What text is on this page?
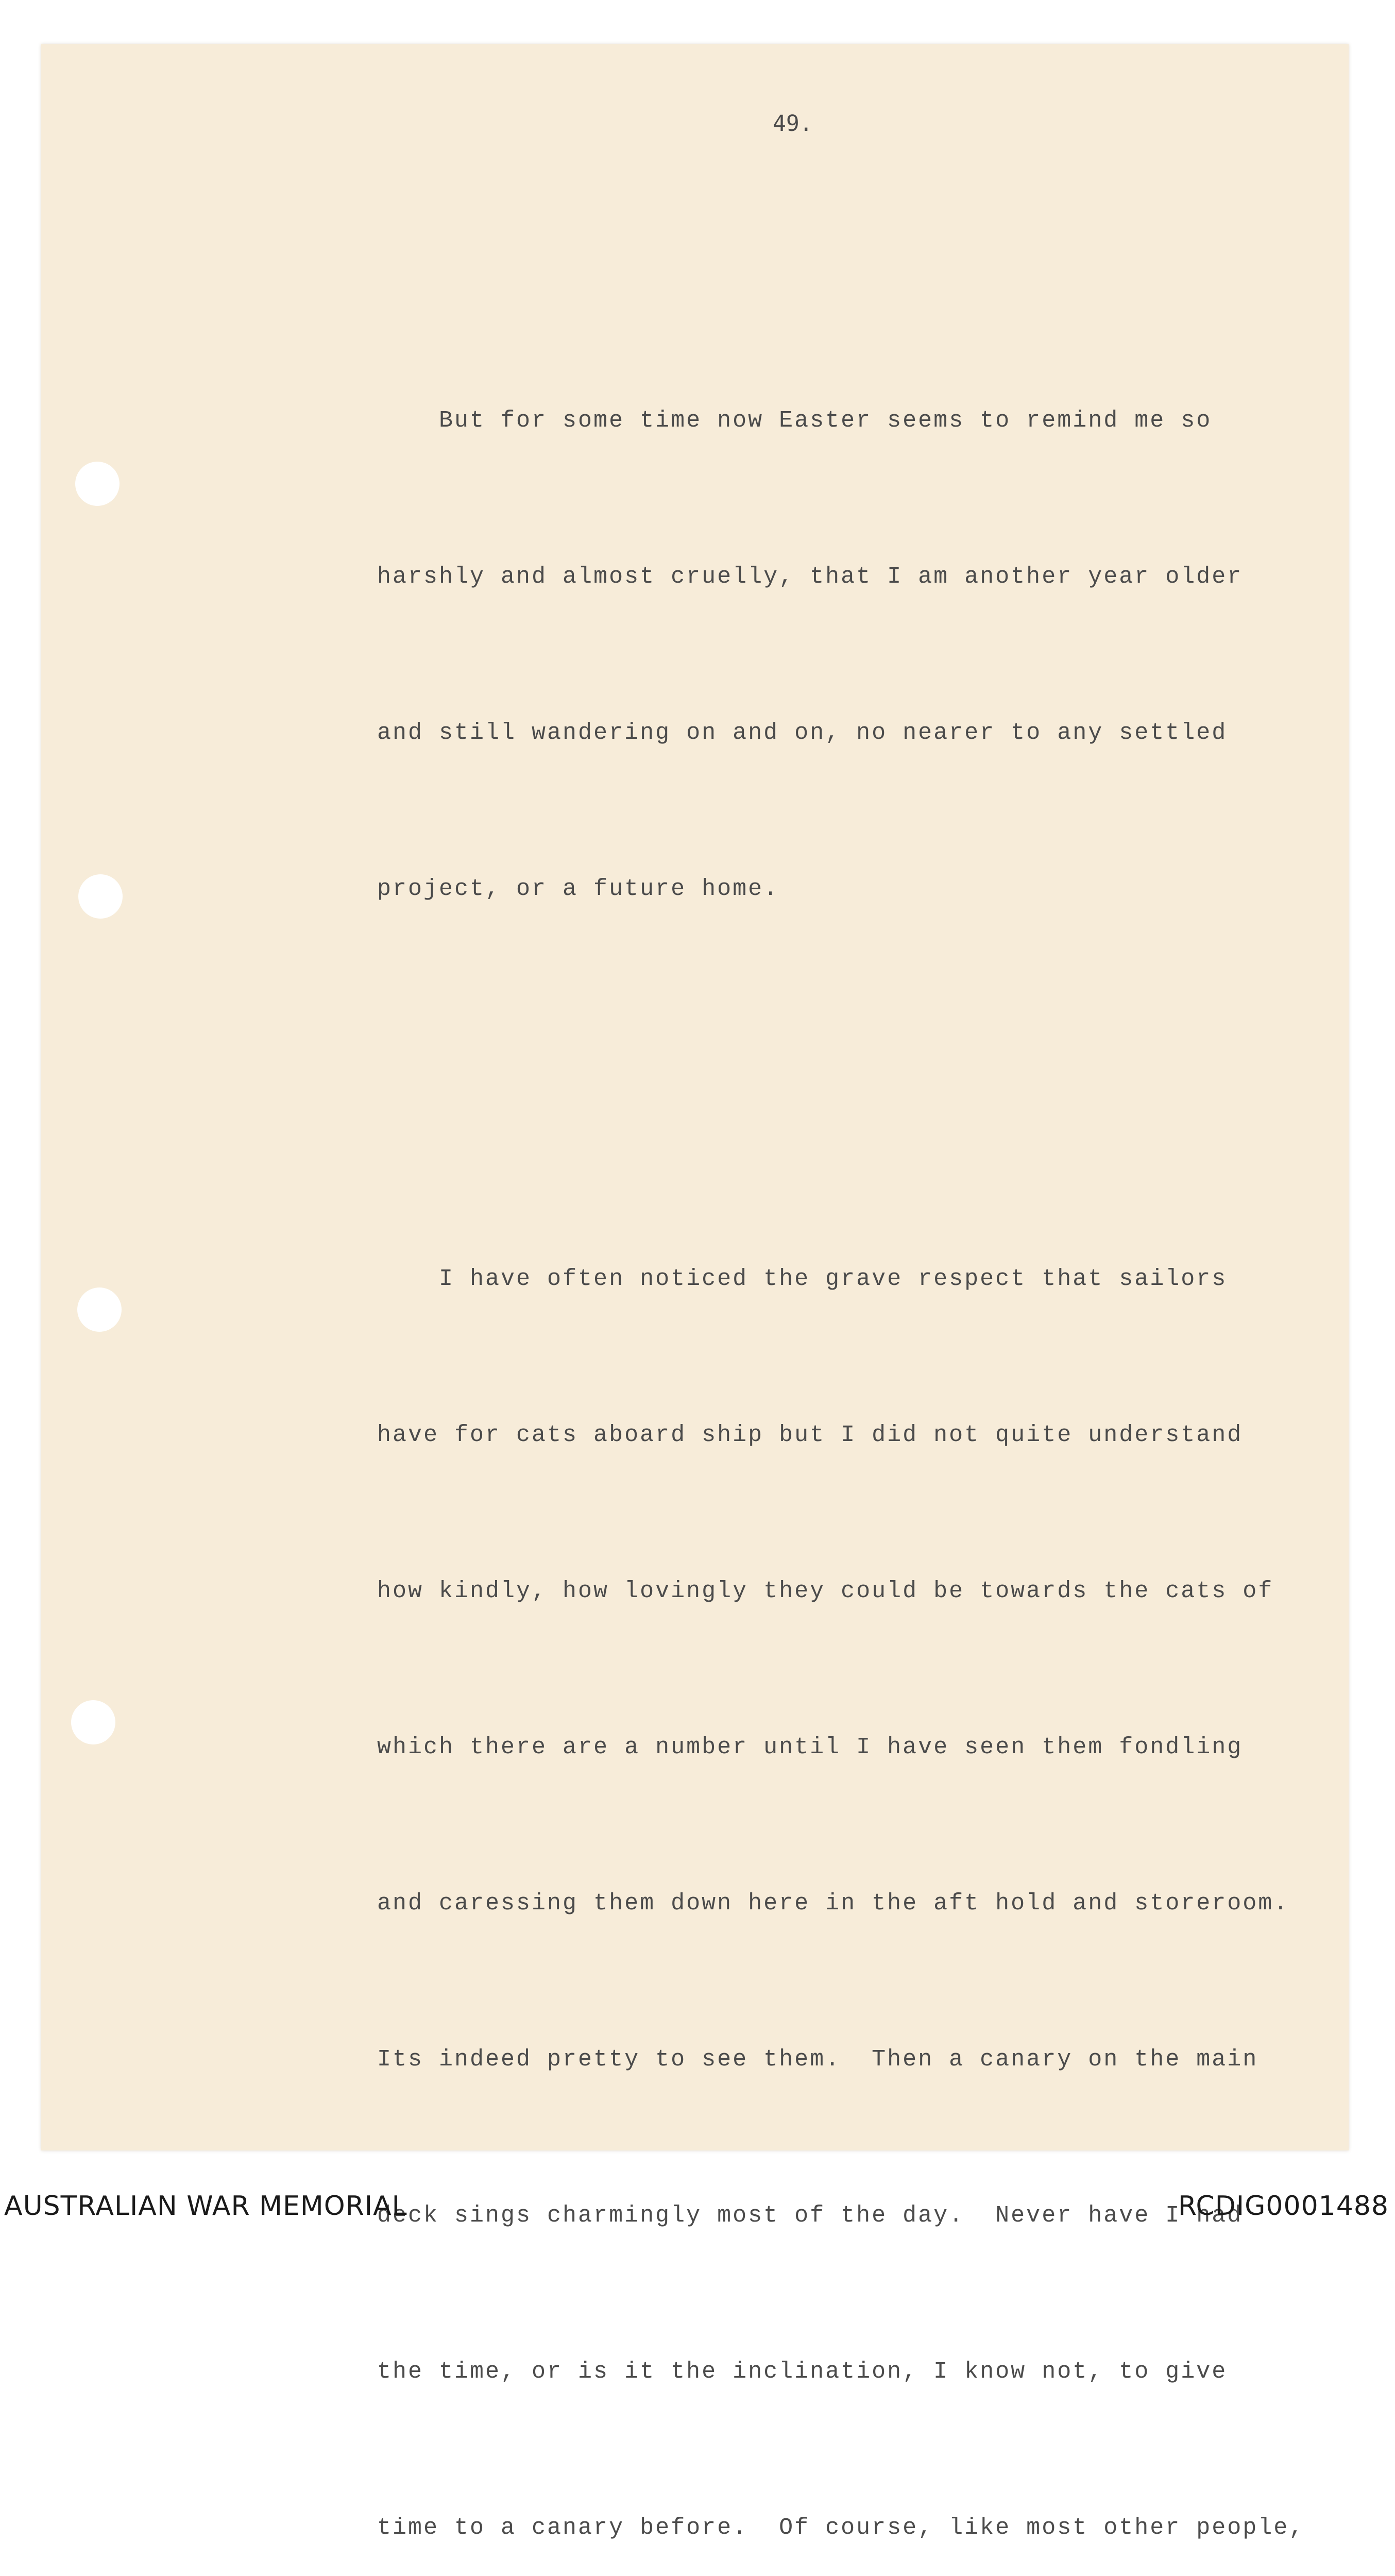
49.

But for some time now Easter seems to remind me so

harshly and almost cruelly, that I am another year older

and still wandering on and on, no nearer to any settled

project, or a future home.

I have often noticed the grave respect that sailors

have for cats aboard ship but I did not quite understand

how kindly, how lovingly they could be towards the cats of

which there are a number until I have seen them fondling

and caressing them down here in the aft hold and storeroom.

Its indeed pretty to see them.  Then a canary on the main

deck sings charmingly most of the day.  Never have I had

the time, or is it the inclination, I know not, to give

time to a canary before.  Of course, like most other people,

AUSTRALIAN WAR MEMORIAL	RCDIG0001488
